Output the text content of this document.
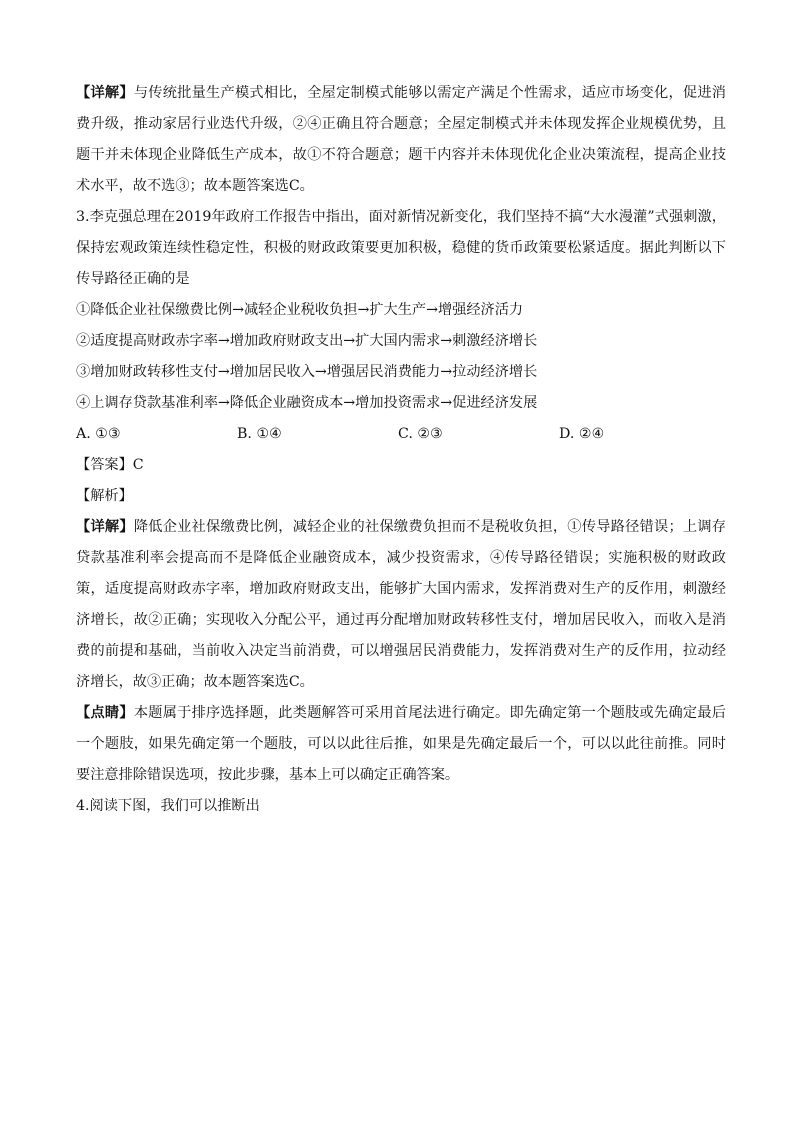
【详解】与传统批量生产模式相比，全屋定制模式能够以需定产满足个性需求，适应市场变化，促进消费升级，推动家居行业迭代升级，②④正确且符合题意；全屋定制模式并未体现发挥企业规模优势，且题干并未体现企业降低生产成本，故①不符合题意；题干内容并未体现优化企业决策流程，提高企业技术水平，故不选③；故本题答案选C。

3.李克强总理在2019年政府工作报告中指出，面对新情况新变化，我们坚持不搞“大水漫灌”式强刺激，保持宏观政策连续性稳定性，积极的财政政策要更加积极，稳健的货币政策要松紧适度。据此判断以下传导路径正确的是

①降低企业社保缴费比例→减轻企业税收负担→扩大生产→增强经济活力
②适度提高财政赤字率→增加政府财政支出→扩大国内需求→刺激经济增长
③增加财政转移性支付→增加居民收入→增强居民消费能力→拉动经济增长
④上调存贷款基准利率→降低企业融资成本→增加投资需求→促进经济发展
A. ①③	B. ①④	C. ②③	D. ②④
【答案】C
【解析】

【详解】降低企业社保缴费比例，减轻企业的社保缴费负担而不是税收负担，①传导路径错误；上调存贷款基准利率会提高而不是降低企业融资成本，减少投资需求，④传导路径错误；实施积极的财政政策，适度提高财政赤字率，增加政府财政支出，能够扩大国内需求，发挥消费对生产的反作用，刺激经济增长，故②正确；实现收入分配公平，通过再分配增加财政转移性支付，增加居民收入，而收入是消费的前提和基础，当前收入决定当前消费，可以增强居民消费能力，发挥消费对生产的反作用，拉动经济增长，故③正确；故本题答案选C。

【点睛】本题属于排序选择题，此类题解答可采用首尾法进行确定。即先确定第一个题肢或先确定最后一个题肢，如果先确定第一个题肢，可以以此往后推，如果是先确定最后一个，可以以此往前推。同时要注意排除错误选项，按此步骤，基本上可以确定正确答案。

4.阅读下图，我们可以推断出
